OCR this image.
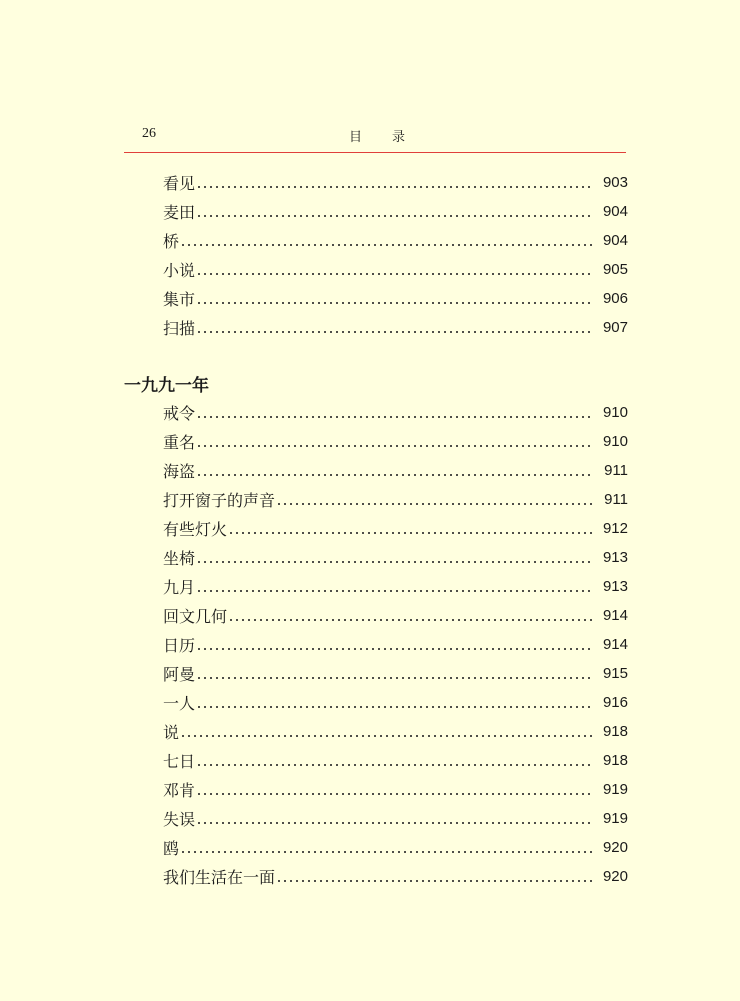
26	目录
看见	903
麦田	904
桥	904
小说	905
集市	906
扫描	907
一九九一年
戒令	910
重名	910
海盗	911
打开窗子的声音	911
有些灯火	912
坐椅	913
九月	913
回文几何	914
日历	914
阿曼	915
一人	916
说	918
七日	918
邓肯	919
失误	919
鸥	920
我们生活在一面	920
